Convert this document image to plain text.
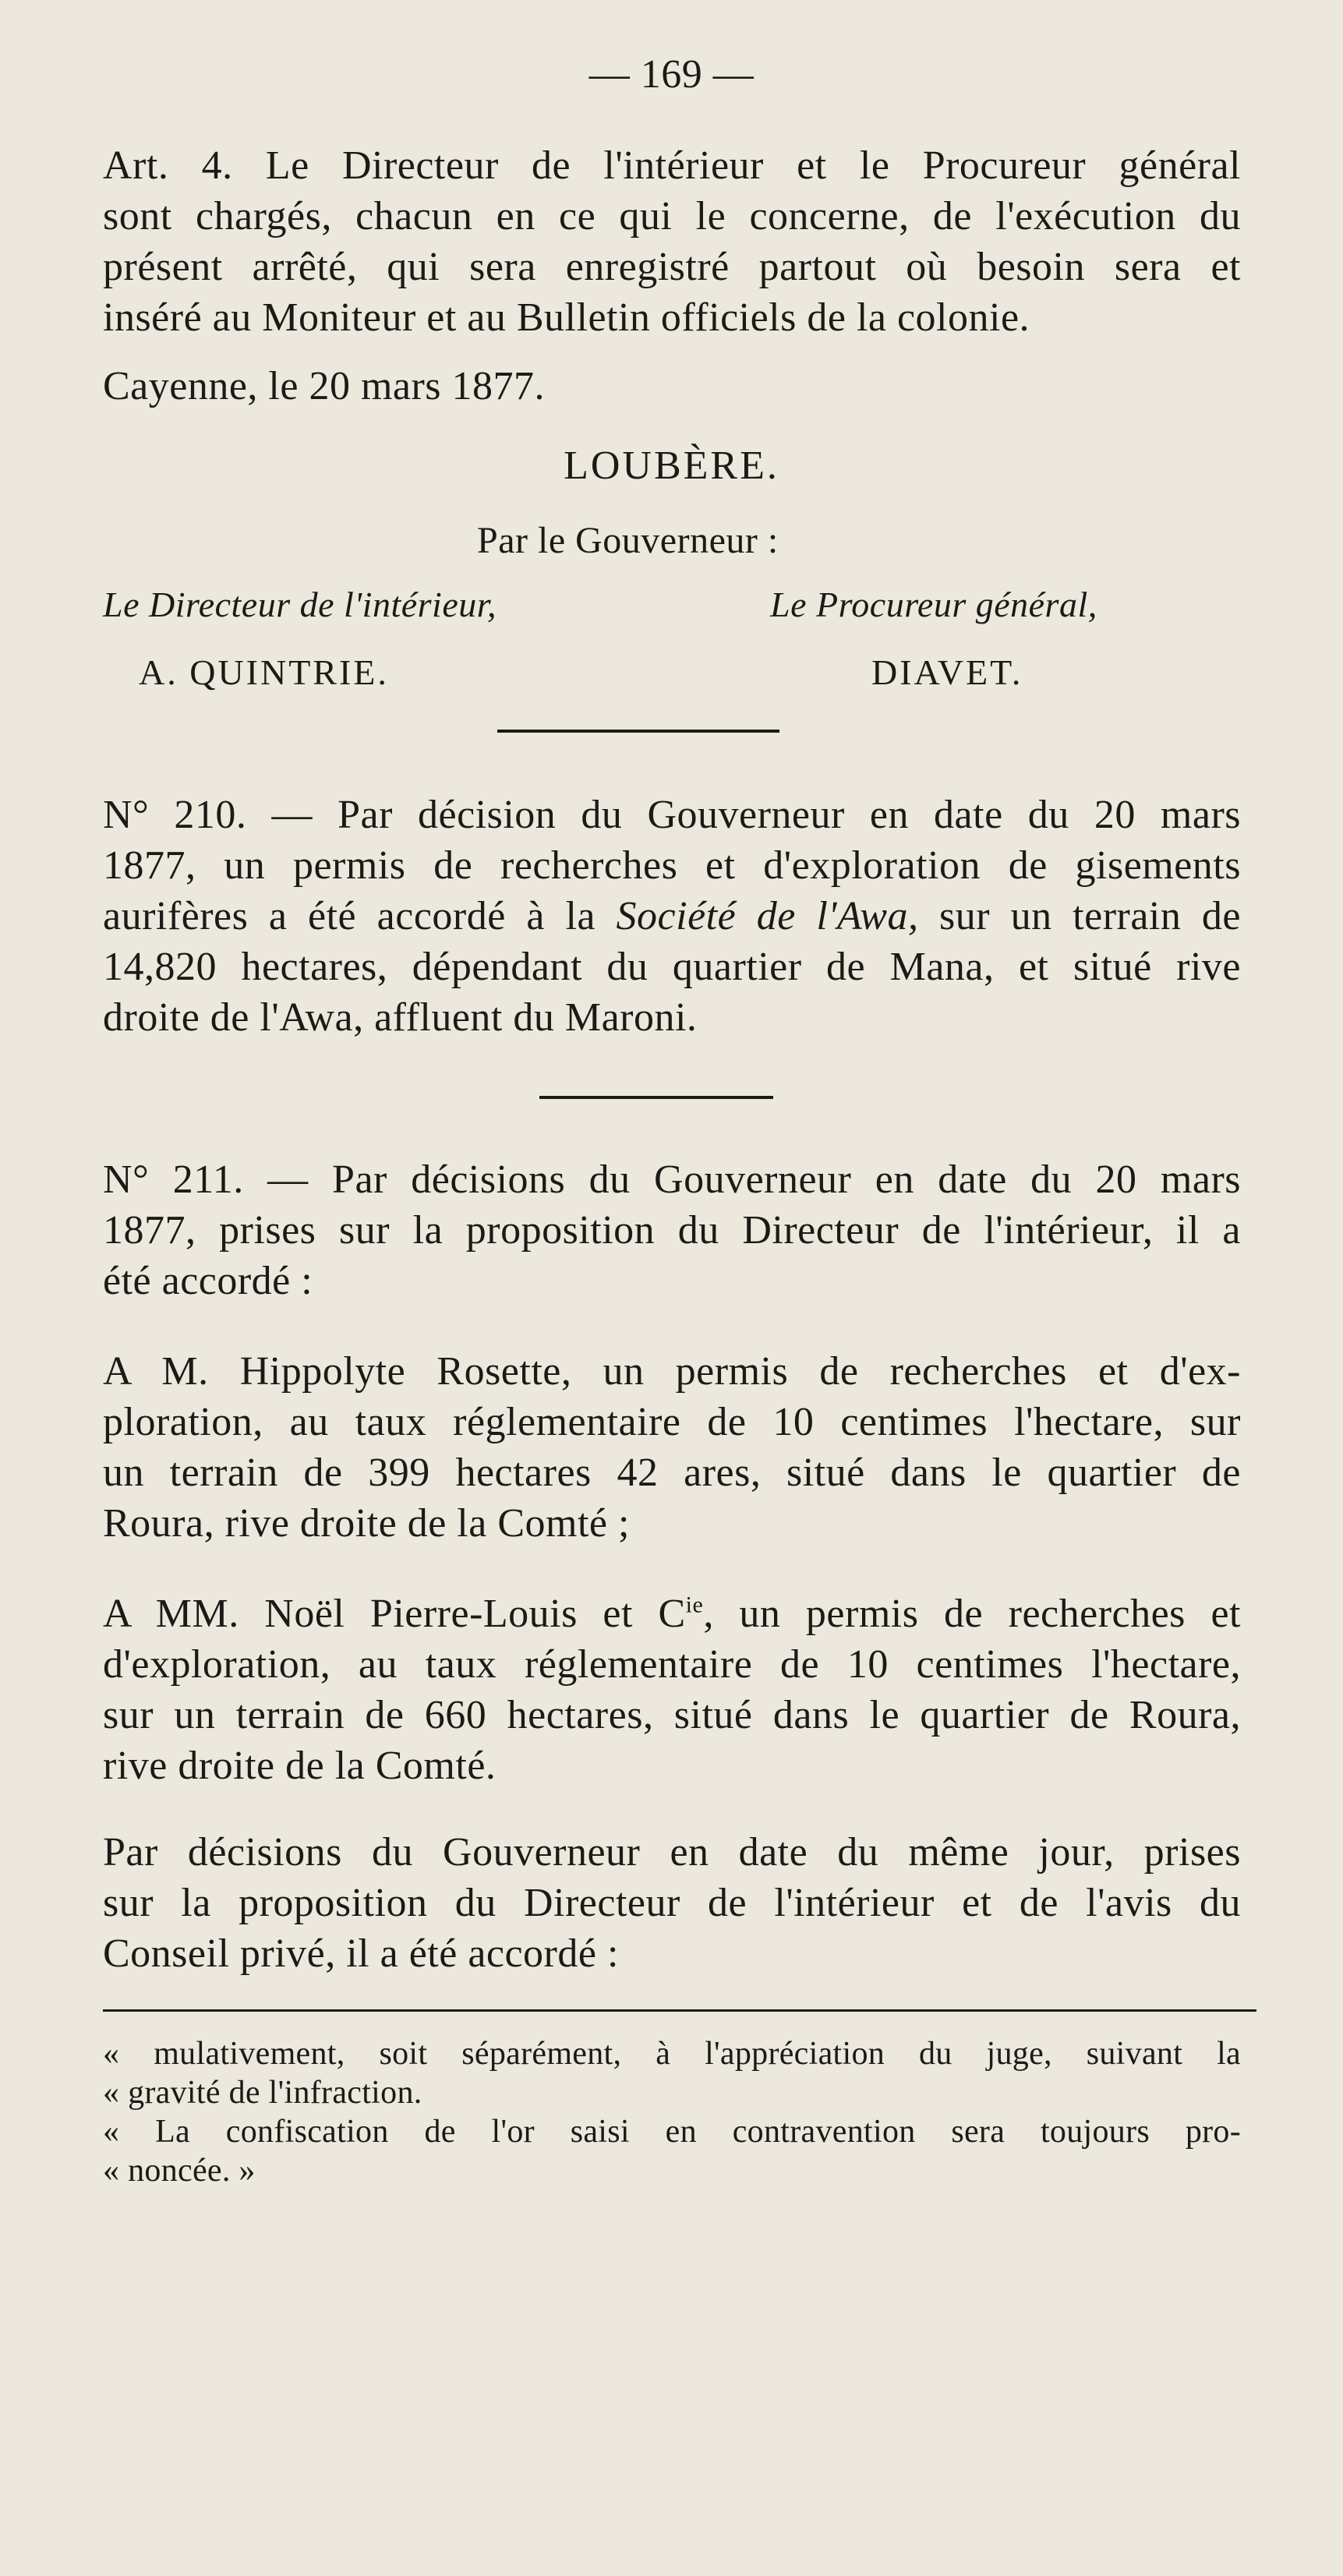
— 169 —
Art. 4. Le Directeur de l'intérieur et le Procureur général
sont chargés, chacun en ce qui le concerne, de l'exécution du
présent arrêté, qui sera enregistré partout où besoin sera et
inséré au Moniteur et au Bulletin officiels de la colonie.
Cayenne, le 20 mars 1877.
LOUBÈRE.
Par le Gouverneur :
Le Directeur de l'intérieur,	Le Procureur général,
A. QUINTRIE.	DIAVET.
N° 210. — Par décision du Gouverneur en date du 20 mars
1877, un permis de recherches et d'exploration de gisements
aurifères a été accordé à la Société de l'Awa, sur un terrain de
14,820 hectares, dépendant du quartier de Mana, et situé rive
droite de l'Awa, affluent du Maroni.
N° 211. — Par décisions du Gouverneur en date du 20 mars
1877, prises sur la proposition du Directeur de l'intérieur, il a
été accordé :
A M. Hippolyte Rosette, un permis de recherches et d'ex-
ploration, au taux réglementaire de 10 centimes l'hectare, sur
un terrain de 399 hectares 42 ares, situé dans le quartier de
Roura, rive droite de la Comté ;
A MM. Noël Pierre-Louis et $C^{ie}$, un permis de recherches et
d'exploration, au taux réglementaire de 10 centimes l'hectare,
sur un terrain de 660 hectares, situé dans le quartier de Roura,
rive droite de la Comté.
Par décisions du Gouverneur en date du même jour, prises
sur la proposition du Directeur de l'intérieur et de l'avis du
Conseil privé, il a été accordé :
« mulativement, soit séparément, à l'appréciation du juge, suivant la
« gravité de l'infraction.
« La confiscation de l'or saisi en contravention sera toujours pro-
« noncée. »
